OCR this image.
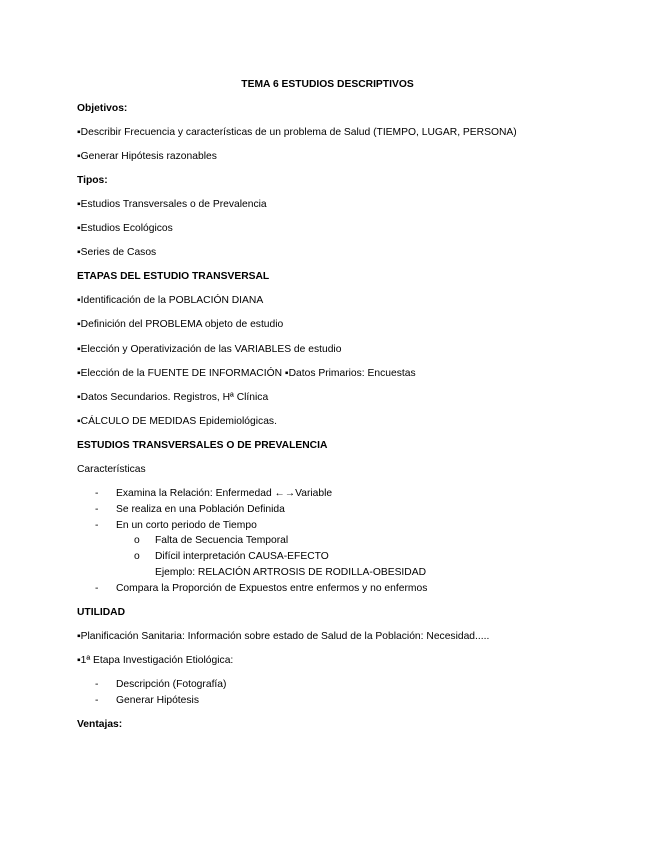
TEMA 6 ESTUDIOS DESCRIPTIVOS
Objetivos:
▪Describir Frecuencia y características de un problema de Salud (TIEMPO, LUGAR, PERSONA)
▪Generar Hipótesis razonables
Tipos:
▪Estudios Transversales o de Prevalencia
▪Estudios Ecológicos
▪Series de Casos
ETAPAS DEL ESTUDIO TRANSVERSAL
▪Identificación de la POBLACIÓN DIANA
▪Definición del PROBLEMA objeto de estudio
▪Elección y Operativización de las VARIABLES de estudio
▪Elección de la FUENTE DE INFORMACIÓN ▪Datos Primarios: Encuestas
▪Datos Secundarios. Registros, Hª Clínica
▪CÁLCULO DE MEDIDAS Epidemiológicas.
ESTUDIOS TRANSVERSALES O DE PREVALENCIA
Características
- Examina la Relación: Enfermedad ←→Variable
- Se realiza en una Población Definida
- En un corto periodo de Tiempo
o Falta de Secuencia Temporal
o Difícil interpretación CAUSA-EFECTO
Ejemplo: RELACIÓN ARTROSIS DE RODILLA-OBESIDAD
- Compara la Proporción de Expuestos entre enfermos y no enfermos
UTILIDAD
▪Planificación Sanitaria: Información sobre estado de Salud de la Población: Necesidad.....
▪1ª Etapa Investigación Etiológica:
- Descripción (Fotografía)
- Generar Hipótesis
Ventajas:
